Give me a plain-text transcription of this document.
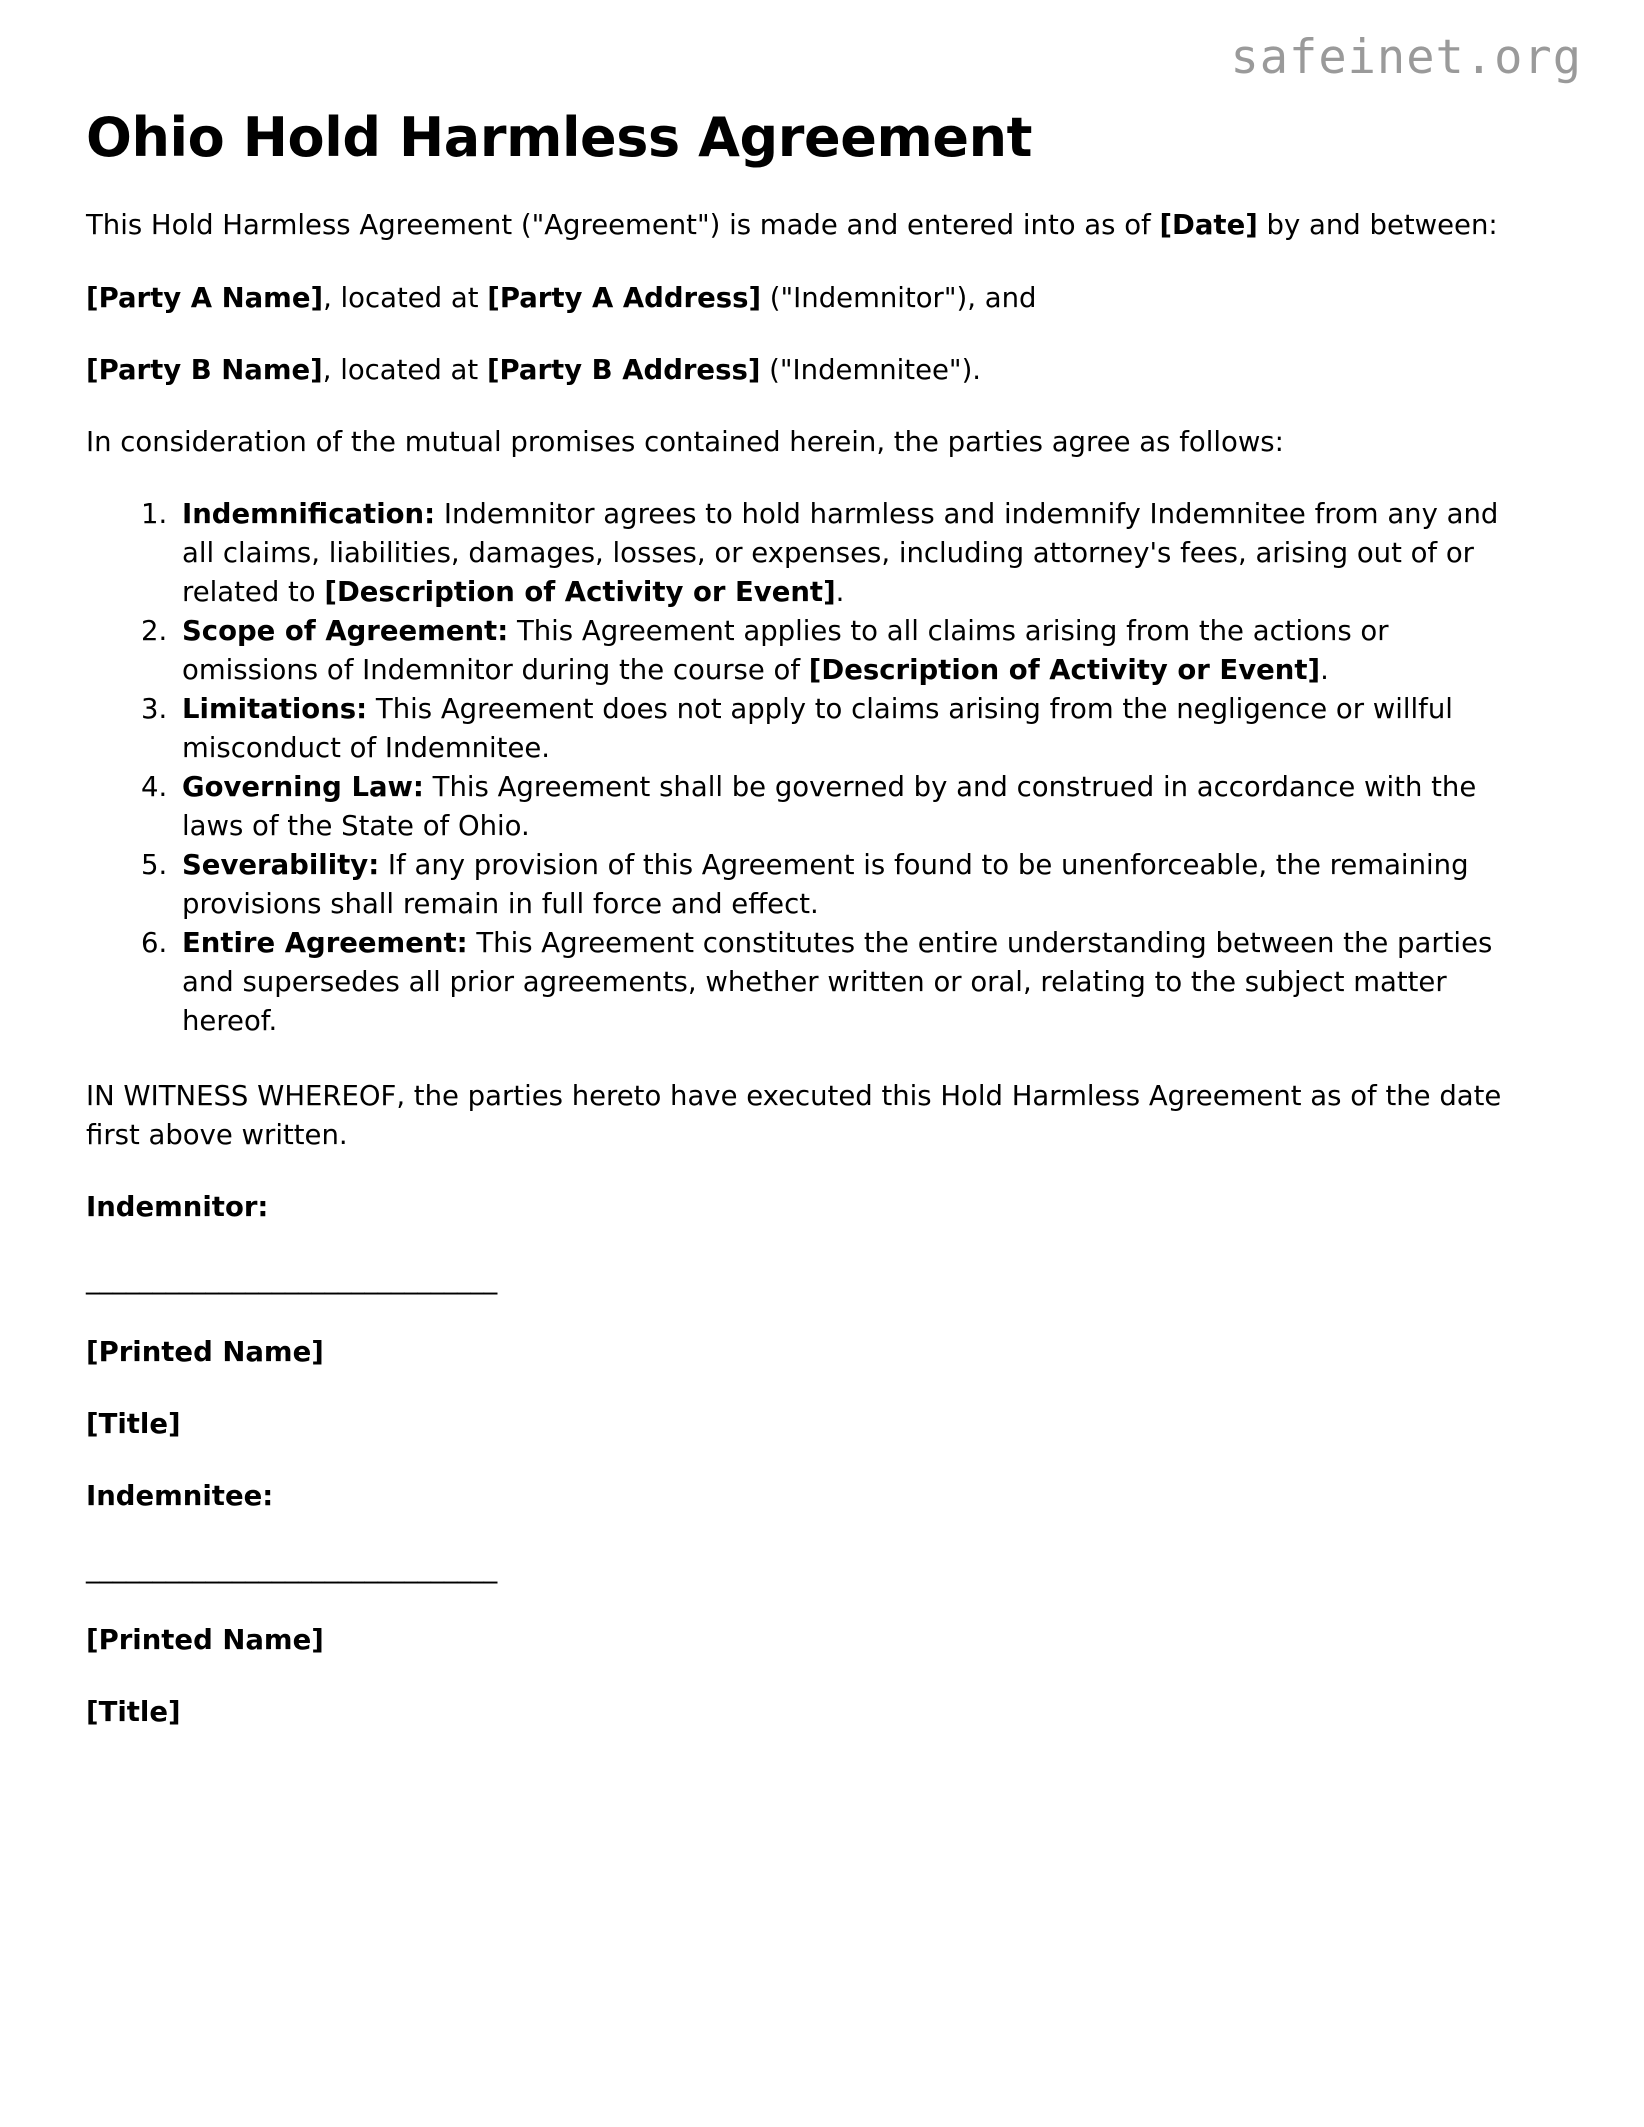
safeinet.org
Ohio Hold Harmless Agreement

This Hold Harmless Agreement ("Agreement") is made and entered into as of [Date] by and between:

[Party A Name], located at [Party A Address] ("Indemnitor"), and

[Party B Name], located at [Party B Address] ("Indemnitee").

In consideration of the mutual promises contained herein, the parties agree as follows:

1. Indemnification: Indemnitor agrees to hold harmless and indemnify Indemnitee from any and all claims, liabilities, damages, losses, or expenses, including attorney's fees, arising out of or related to [Description of Activity or Event].
2. Scope of Agreement: This Agreement applies to all claims arising from the actions or omissions of Indemnitor during the course of [Description of Activity or Event].
3. Limitations: This Agreement does not apply to claims arising from the negligence or willful misconduct of Indemnitee.
4. Governing Law: This Agreement shall be governed by and construed in accordance with the laws of the State of Ohio.
5. Severability: If any provision of this Agreement is found to be unenforceable, the remaining provisions shall remain in full force and effect.
6. Entire Agreement: This Agreement constitutes the entire understanding between the parties and supersedes all prior agreements, whether written or oral, relating to the subject matter hereof.

IN WITNESS WHEREOF, the parties hereto have executed this Hold Harmless Agreement as of the date first above written.

Indemnitor:

_______________________________

[Printed Name]

[Title]

Indemnitee:

_______________________________

[Printed Name]

[Title]
